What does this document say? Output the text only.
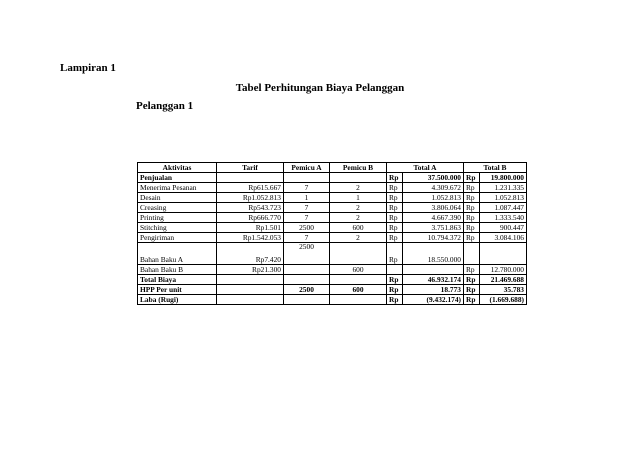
Lampiran 1
Tabel Perhitungan Biaya Pelanggan
Pelanggan 1
Aktivitas	Tarif	Pemicu A	Pemicu B	Total A		Total B	
Penjualan				Rp	37.500.000	Rp	19.800.000
Menerima Pesanan	Rp615.667	7	2	Rp	4.309.672	Rp	1.231.335
Desain	Rp1.052.813	1	1	Rp	1.052.813	Rp	1.052.813
Creasing	Rp543.723	7	2	Rp	3.806.064	Rp	1.087.447
Printing	Rp666.770	7	2	Rp	4.667.390	Rp	1.333.540
Stitching	Rp1.501	2500	600	Rp	3.751.863	Rp	900.447
Pengiriman	Rp1.542.053	7	2	Rp	10.794.372	Rp	3.084.106
Bahan Baku A	Rp7.420	2500		Rp	18.550.000		
Bahan Baku B	Rp21.300		600			Rp	12.780.000
Total Biaya				Rp	46.932.174	Rp	21.469.688
HPP Per unit		2500	600	Rp	18.773	Rp	35.783
Laba (Rugi)				Rp	(9.432.174)	Rp	(1.669.688)
